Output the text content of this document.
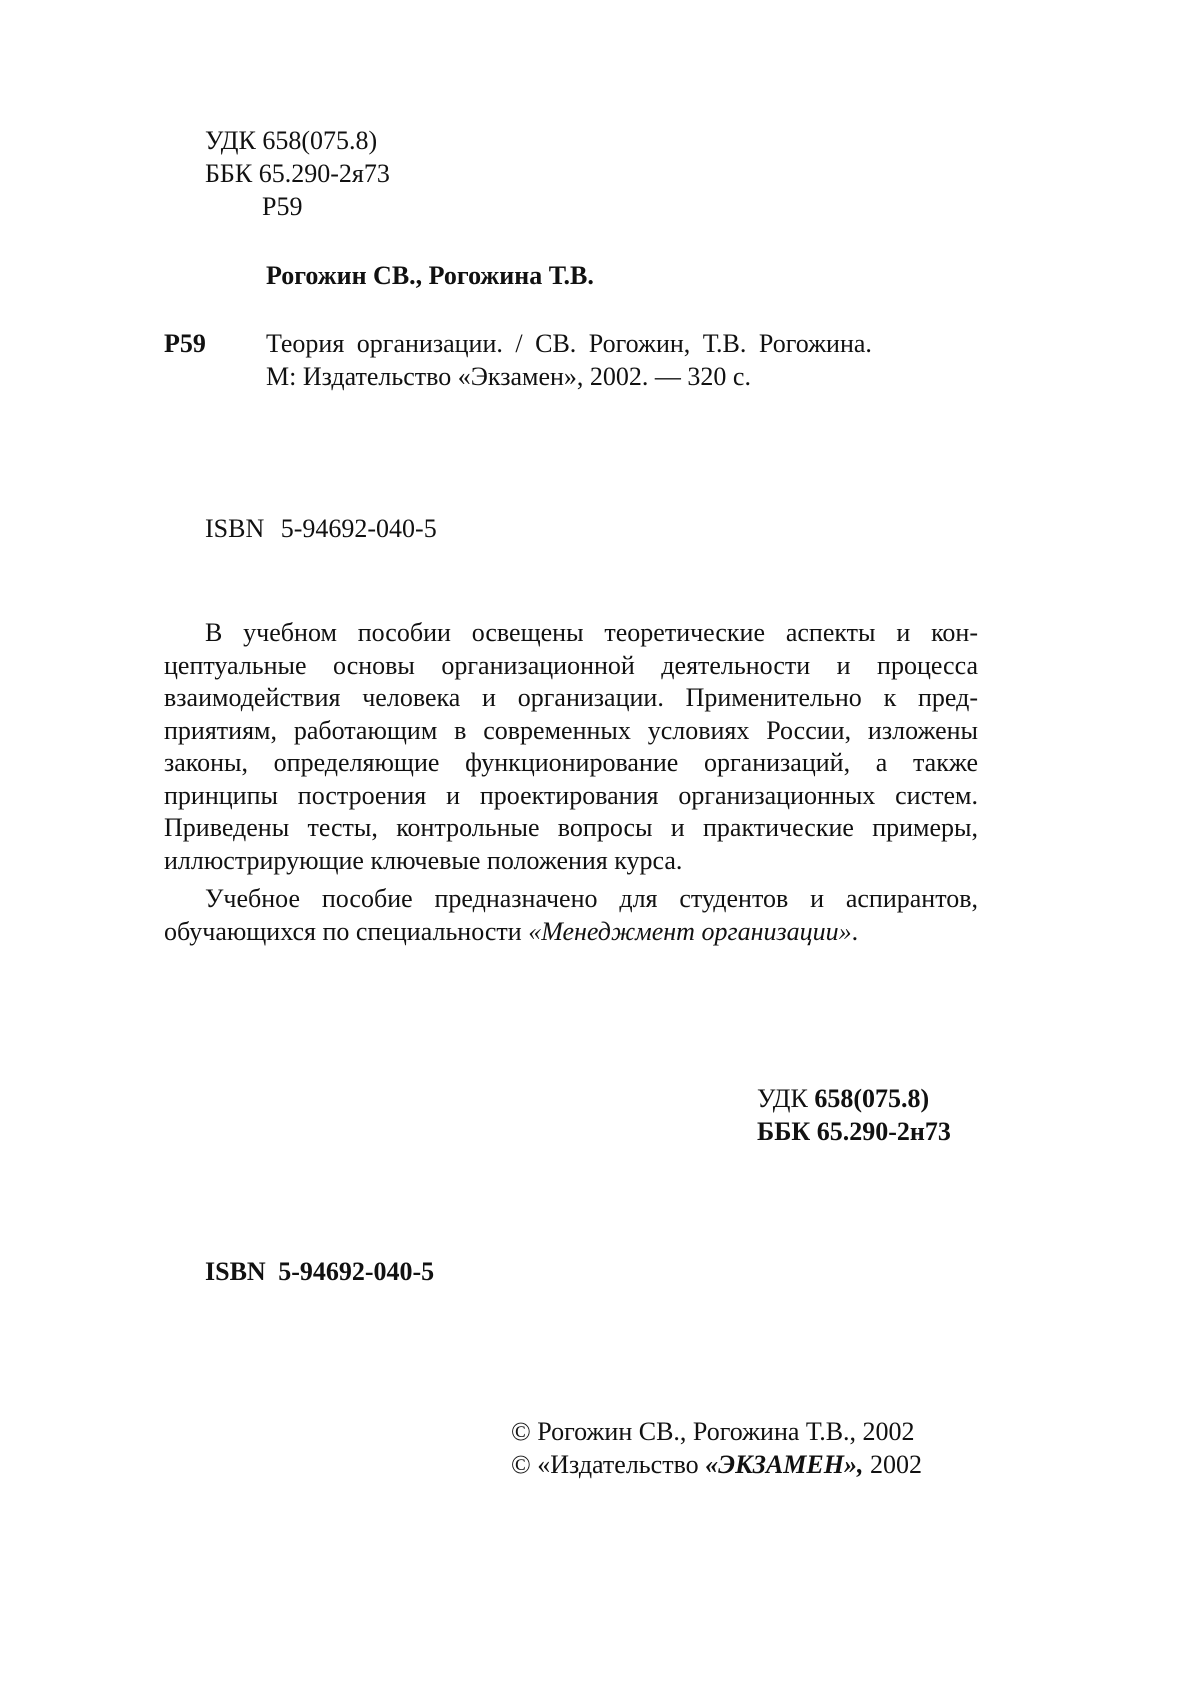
УДК 658(075.8)
ББК 65.290-2я73
Р59
Рогожин СВ., Рогожина Т.В.
Р59 Теория организации. / СВ. Рогожин, Т.В. Рогожина.
М: Издательство «Экзамен», 2002. — 320 с.
ISBN 5-94692-040-5

В учебном пособии освещены теоретические аспекты и концептуальные основы организационной деятельности и процесса взаимодействия человека и организации. Применительно к предприятиям, работающим в современных условиях России, изложены законы, определяющие функционирование организаций, а также принципы построения и проектирования организационных систем. Приведены тесты, контрольные вопросы и практические примеры, иллюстрирующие ключевые положения курса.

Учебное пособие предназначено для студентов и аспирантов, обучающихся по специальности «Менеджмент организации».

УДК 658(075.8)
ББК 65.290-2н73
ISBN 5-94692-040-5
© Рогожин СВ., Рогожина Т.В., 2002
© «Издательство «ЭКЗАМЕН», 2002
